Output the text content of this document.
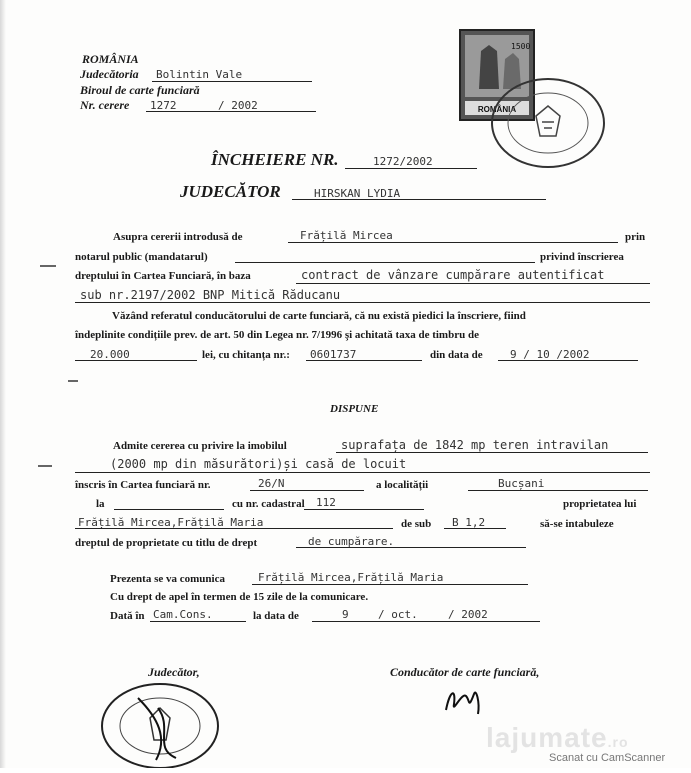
ROMÂNIA
Judecătoria Bolintin Vale
Biroul de carte funciară
Nr. cerere 1272	/ 2002
1500
ROMÂNIA
ÎNCHEIERE NR.	1272/2002
JUDECĂTOR	HIRSKAN LYDIA
Asupra cererii introdusă de	Frățilă Mircea	prin
notarul public (mandatarul)	privind înscrierea
dreptului în Cartea Funciară, în baza	contract de vânzare cumpărare autentificat
sub nr.2197/2002 BNP Mitică Răducanu
Văzând referatul conducătorului de carte funciară, că nu există piedici la înscriere, fiind
îndeplinite condițiile prev. de art. 50 din Legea nr. 7/1996 şi achitată taxa de timbru de
20.000	lei, cu chitanța nr.: 0601737	din data de 9 / 10 /2002
DISPUNE
Admite cererea cu privire la imobilul	suprafața de 1842 mp teren intravilan
(2000 mp din măsurători)și casă de locuit
înscris în Cartea funciară nr.	26/N	a localității	Bucșani
la	cu nr. cadastral 112	proprietatea lui
Frățilă Mircea,Frățilă Maria	de sub B 1,2	să-se intabuleze
dreptul de proprietate cu titlu de drept	de cumpărare.
Prezenta se va comunica	Frățilă Mircea,Frățilă Maria
Cu drept de apel în termen de 15 zile de la comunicare.
Dată în Cam.Cons.	la data de	9	/ oct.	/ 2002
Judecător,	Conducător de carte funciară,
lajumate.ro
Scanat cu CamScanner
